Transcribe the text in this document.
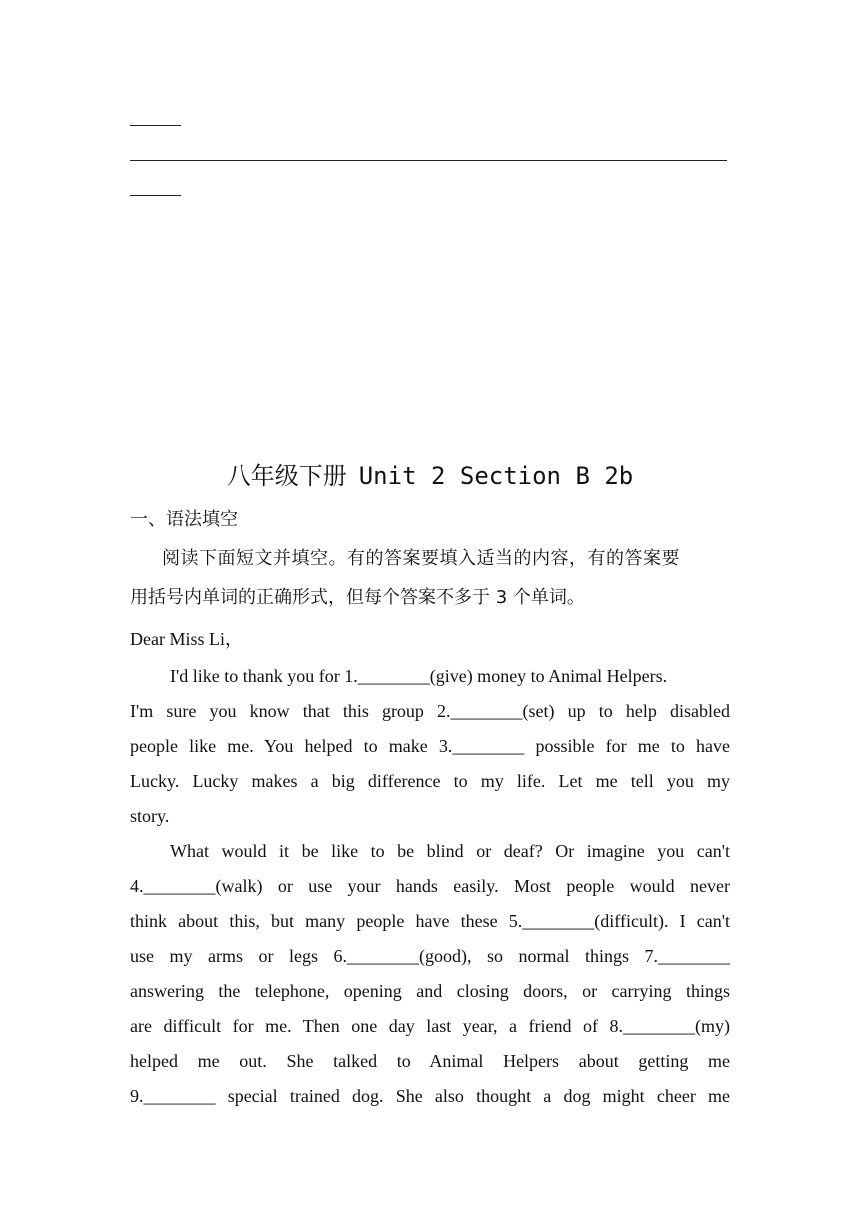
八年级下册 Unit 2 Section B 2b
一、语法填空
阅读下面短文并填空。有的答案要填入适当的内容，有的答案要
用括号内单词的正确形式，但每个答案不多于 3 个单词。
Dear Miss Li，
I'd like to thank you for 1.________(give) money to Animal Helpers.
I'm sure you know that this group 2.________(set) up to help disabled
people like me. You helped to make 3.________ possible for me to have
Lucky. Lucky makes a big difference to my life. Let me tell you my
story.
What would it be like to be blind or deaf? Or imagine you can't
4.________(walk) or use your hands easily. Most people would never
think about this, but many people have these 5.________(difficult). I can't
use my arms or legs 6.________(good), so normal things 7.________
answering the telephone, opening and closing doors, or carrying things
are difficult for me. Then one day last year, a friend of 8.________(my)
helped me out. She talked to Animal Helpers about getting me
9.________ special trained dog. She also thought a dog might cheer me
